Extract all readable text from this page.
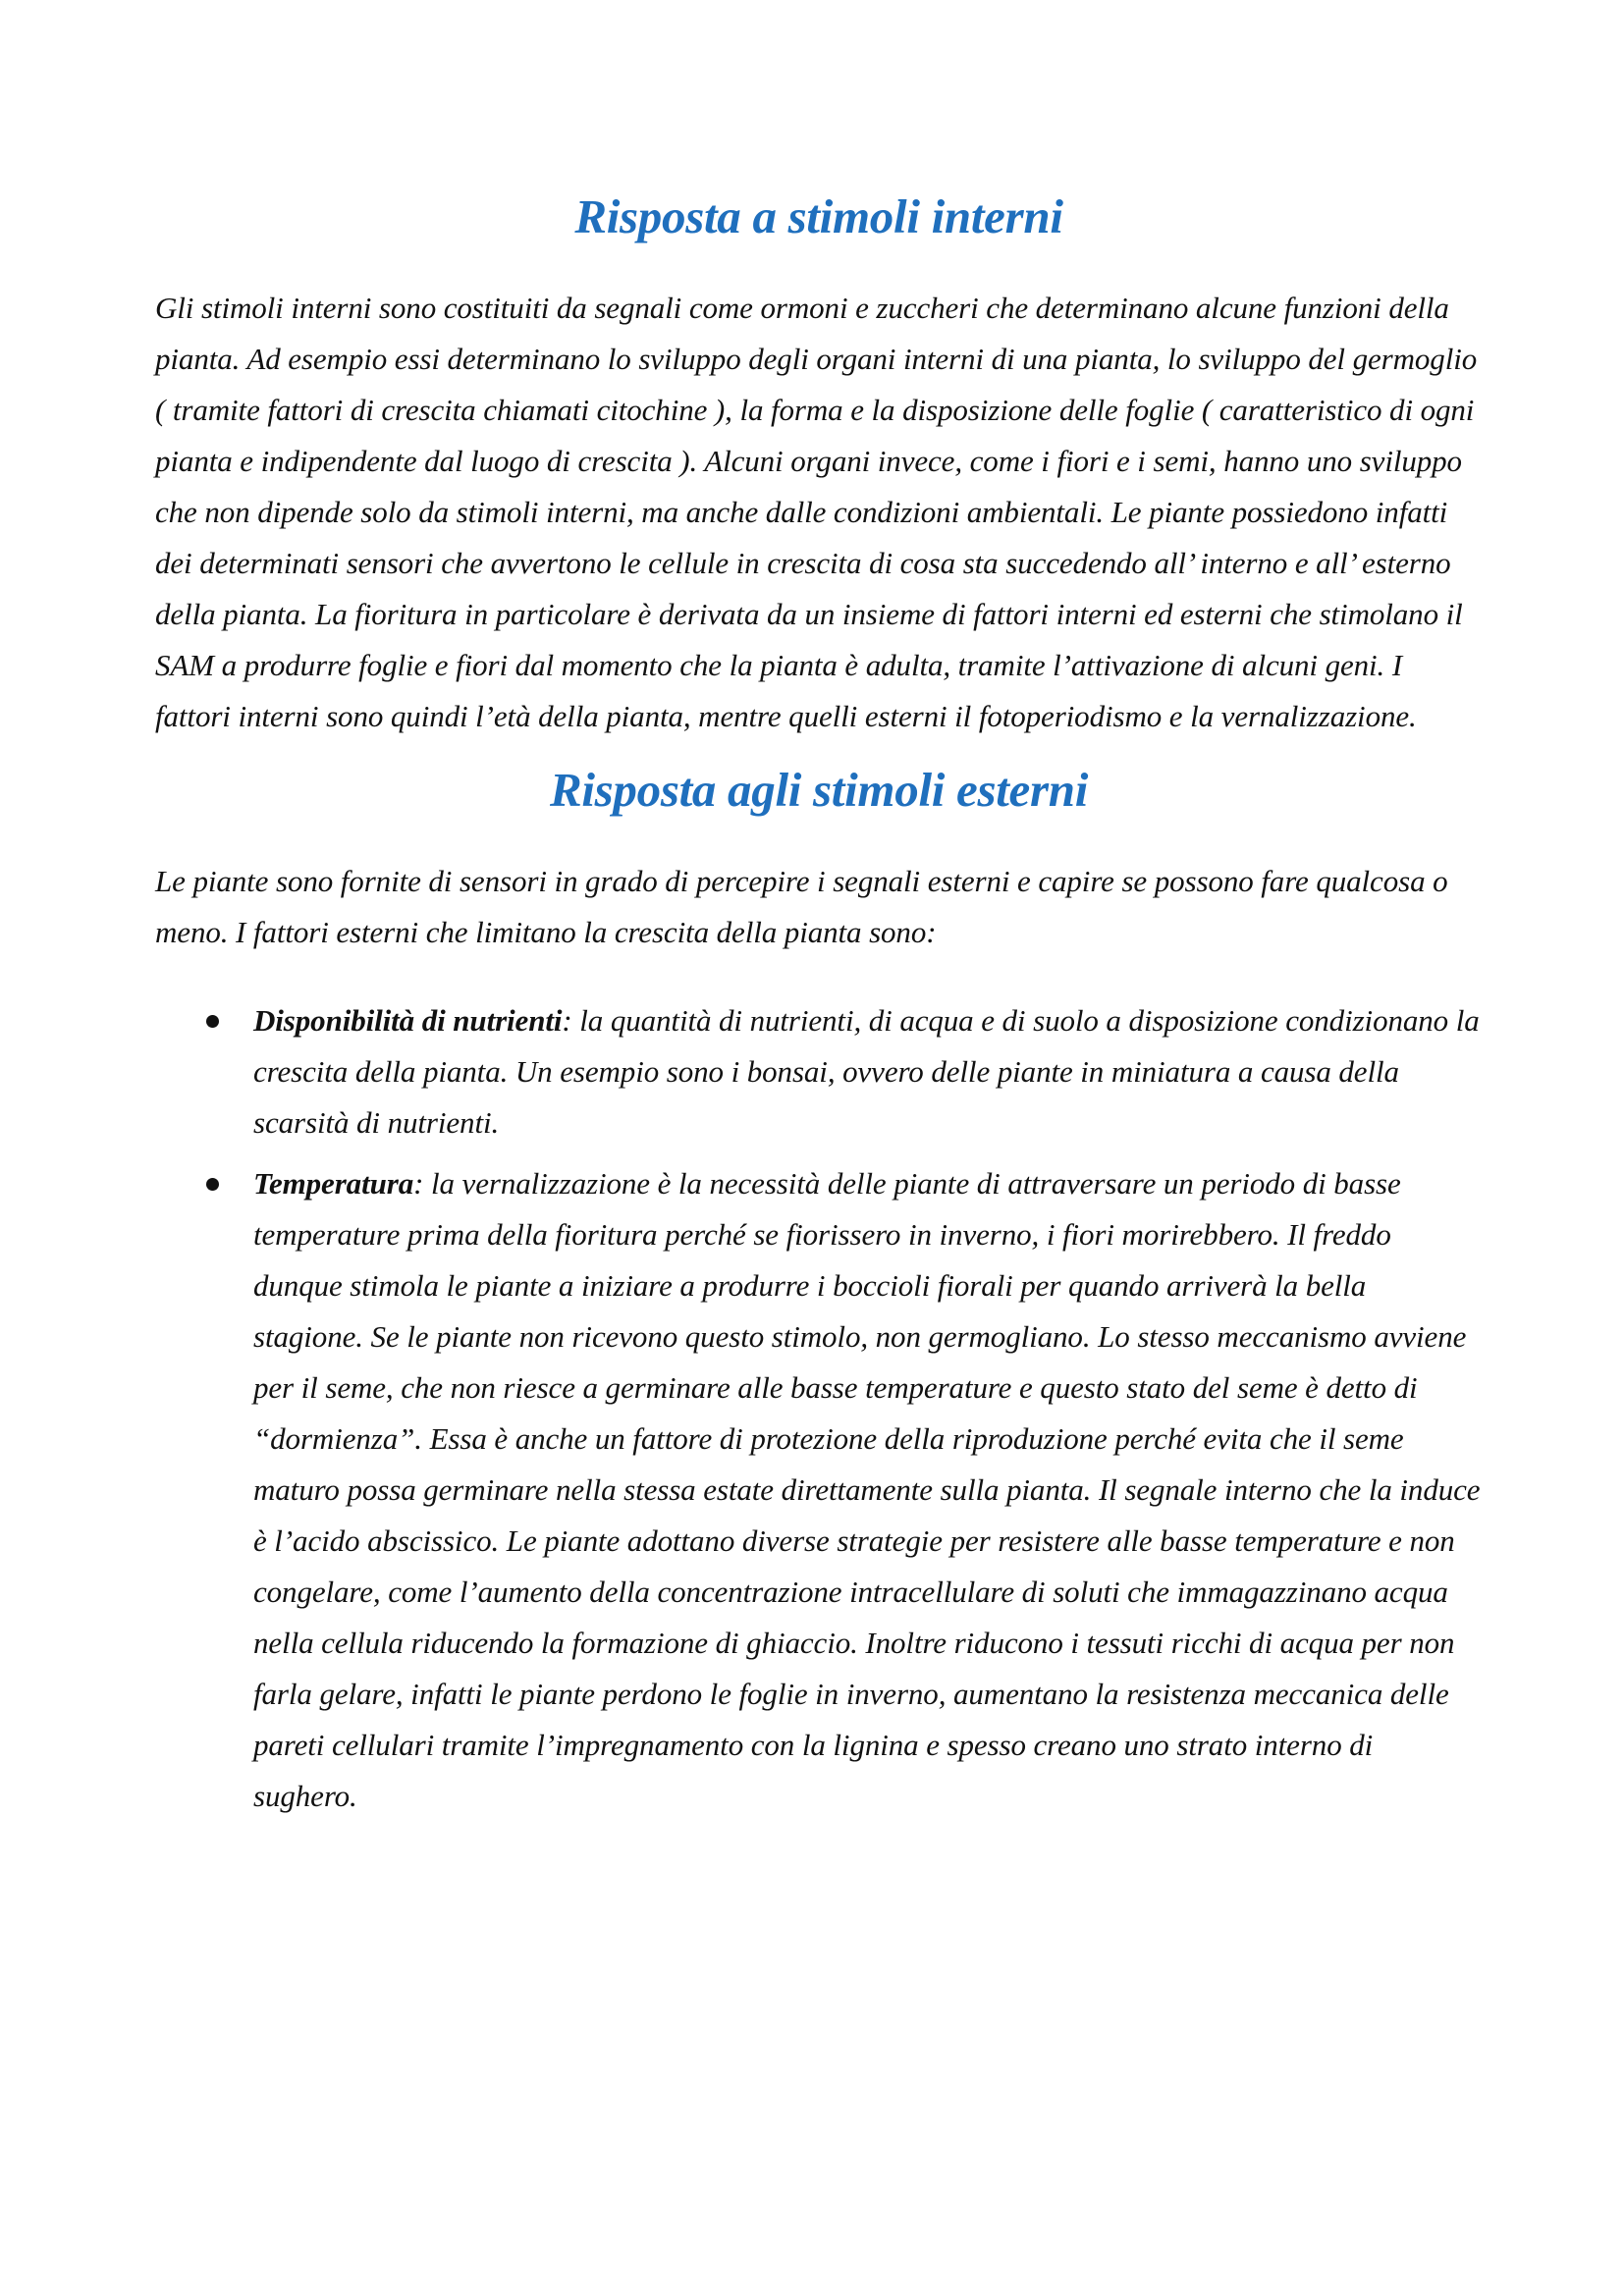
Risposta a stimoli interni

Gli stimoli interni sono costituiti da segnali come ormoni e zuccheri che determinano alcune funzioni della pianta. Ad esempio essi determinano lo sviluppo degli organi interni di una pianta, lo sviluppo del germoglio ( tramite fattori di crescita chiamati citochine ), la forma e la disposizione delle foglie ( caratteristico di ogni pianta e indipendente dal luogo di crescita ). Alcuni organi invece, come i fiori e i semi, hanno uno sviluppo che non dipende solo da stimoli interni, ma anche dalle condizioni ambientali. Le piante possiedono infatti dei determinati sensori che avvertono le cellule in crescita di cosa sta succedendo all’ interno e all’ esterno della pianta. La fioritura in particolare è derivata da un insieme di fattori interni ed esterni che stimolano il SAM a produrre foglie e fiori dal momento che la pianta è adulta, tramite l’attivazione di alcuni geni. I fattori interni sono quindi l’età della pianta, mentre quelli esterni il fotoperiodismo e la vernalizzazione.

Risposta agli stimoli esterni

Le piante sono fornite di sensori in grado di percepire i segnali esterni e capire se possono fare qualcosa o meno. I fattori esterni che limitano la crescita della pianta sono:

Disponibilità di nutrienti: la quantità di nutrienti, di acqua e di suolo a disposizione condizionano la crescita della pianta. Un esempio sono i bonsai, ovvero delle piante in miniatura a causa della scarsità di nutrienti.

Temperatura: la vernalizzazione è la necessità delle piante di attraversare un periodo di basse temperature prima della fioritura perché se fiorissero in inverno, i fiori morirebbero. Il freddo dunque stimola le piante a iniziare a produrre i boccioli fiorali per quando arriverà la bella stagione. Se le piante non ricevono questo stimolo, non germogliano. Lo stesso meccanismo avviene per il seme, che non riesce a germinare alle basse temperature e questo stato del seme è detto di “dormienza”. Essa è anche un fattore di protezione della riproduzione perché evita che il seme maturo possa germinare nella stessa estate direttamente sulla pianta. Il segnale interno che la induce è l’acido abscissico. Le piante adottano diverse strategie per resistere alle basse temperature e non congelare, come l’aumento della concentrazione intracellulare di soluti che immagazzinano acqua nella cellula riducendo la formazione di ghiaccio. Inoltre riducono i tessuti ricchi di acqua per non farla gelare, infatti le piante perdono le foglie in inverno, aumentano la resistenza meccanica delle pareti cellulari tramite l’impregnamento con la lignina e spesso creano uno strato interno di sughero.
